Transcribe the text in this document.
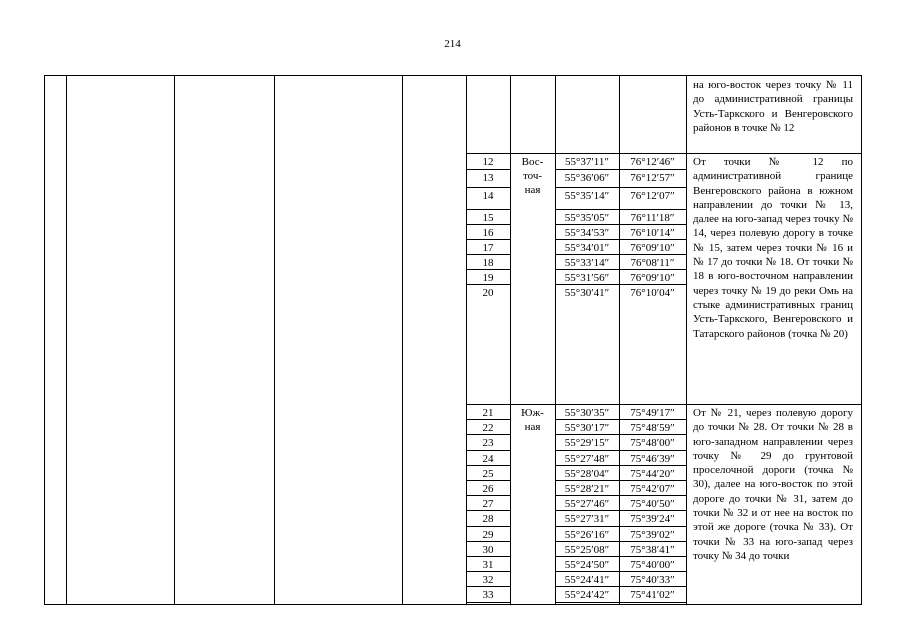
214
на юго-восток через точку № 11 до административной границы Усть-Таркского и Венгеровского районов в точке № 12
Вос-
точ-
ная
От точки № 12 по административной границе Венгеровского района в южном направлении до точки № 13, далее на юго-запад через точку № 14, через полевую дорогу в точке № 15, затем через точки № 16 и № 17 до точки № 18. От точки № 18 в юго-восточном направлении через точку № 19 до реки Омь на стыке административных границ Усть-Таркского, Венгеровского и Татарского районов (точка № 20)
12	55°37′11″	76°12′46″
13	55°36′06″	76°12′57″
14	55°35′14″	76°12′07″
15	55°35′05″	76°11′18″
16	55°34′53″	76°10′14″
17	55°34′01″	76°09′10″
18	55°33′14″	76°08′11″
19	55°31′56″	76°09′10″
20	55°30′41″	76°10′04″
Юж-
ная
От № 21, через полевую дорогу до точки № 28. От точки № 28 в юго-западном направлении через точку № 29 до грунтовой проселочной дороги (точка № 30), далее на юго-восток по этой дороге до точки № 31, затем до точки № 32 и от нее на восток по этой же дороге (точка № 33). От точки № 33 на юго-запад через точку № 34 до точки
21	55°30′35″	75°49′17″
22	55°30′17″	75°48′59″
23	55°29′15″	75°48′00″
24	55°27′48″	75°46′39″
25	55°28′04″	75°44′20″
26	55°28′21″	75°42′07″
27	55°27′46″	75°40′50″
28	55°27′31″	75°39′24″
29	55°26′16″	75°39′02″
30	55°25′08″	75°38′41″
31	55°24′50″	75°40′00″
32	55°24′41″	75°40′33″
33	55°24′42″	75°41′02″
